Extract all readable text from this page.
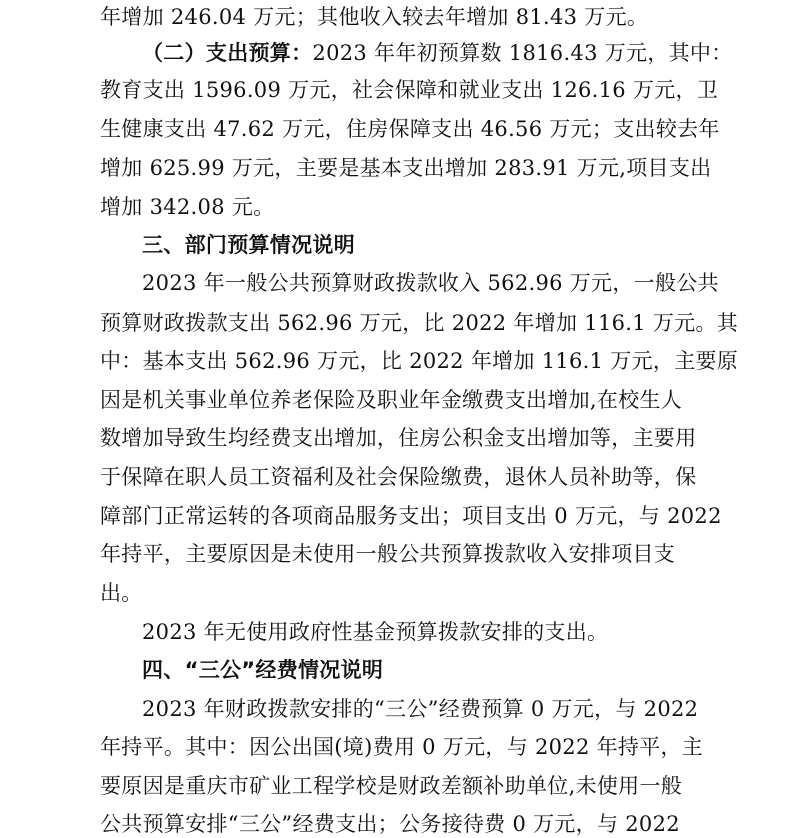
年增加 246.04 万元；其他收入较去年增加 81.43 万元。
（二）支出预算：2023 年年初预算数 1816.43 万元，其中：
教育支出 1596.09 万元，社会保障和就业支出 126.16 万元，卫
生健康支出 47.62 万元，住房保障支出 46.56 万元；支出较去年
增加 625.99 万元，主要是基本支出增加 283.91 万元,项目支出
增加 342.08 元。
三、部门预算情况说明
2023 年一般公共预算财政拨款收入 562.96 万元，一般公共
预算财政拨款支出 562.96 万元，比 2022 年增加 116.1 万元。其
中：基本支出 562.96 万元，比 2022 年增加 116.1 万元，主要原
因是机关事业单位养老保险及职业年金缴费支出增加,在校生人
数增加导致生均经费支出增加，住房公积金支出增加等，主要用
于保障在职人员工资福利及社会保险缴费，退休人员补助等，保
障部门正常运转的各项商品服务支出；项目支出 0 万元，与 2022
年持平，主要原因是未使用一般公共预算拨款收入安排项目支
出。
2023 年无使用政府性基金预算拨款安排的支出。
四、“三公”经费情况说明
2023 年财政拨款安排的“三公”经费预算 0 万元，与 2022
年持平。其中：因公出国(境)费用 0 万元，与 2022 年持平，主
要原因是重庆市矿业工程学校是财政差额补助单位,未使用一般
公共预算安排“三公”经费支出；公务接待费 0 万元，与 2022
